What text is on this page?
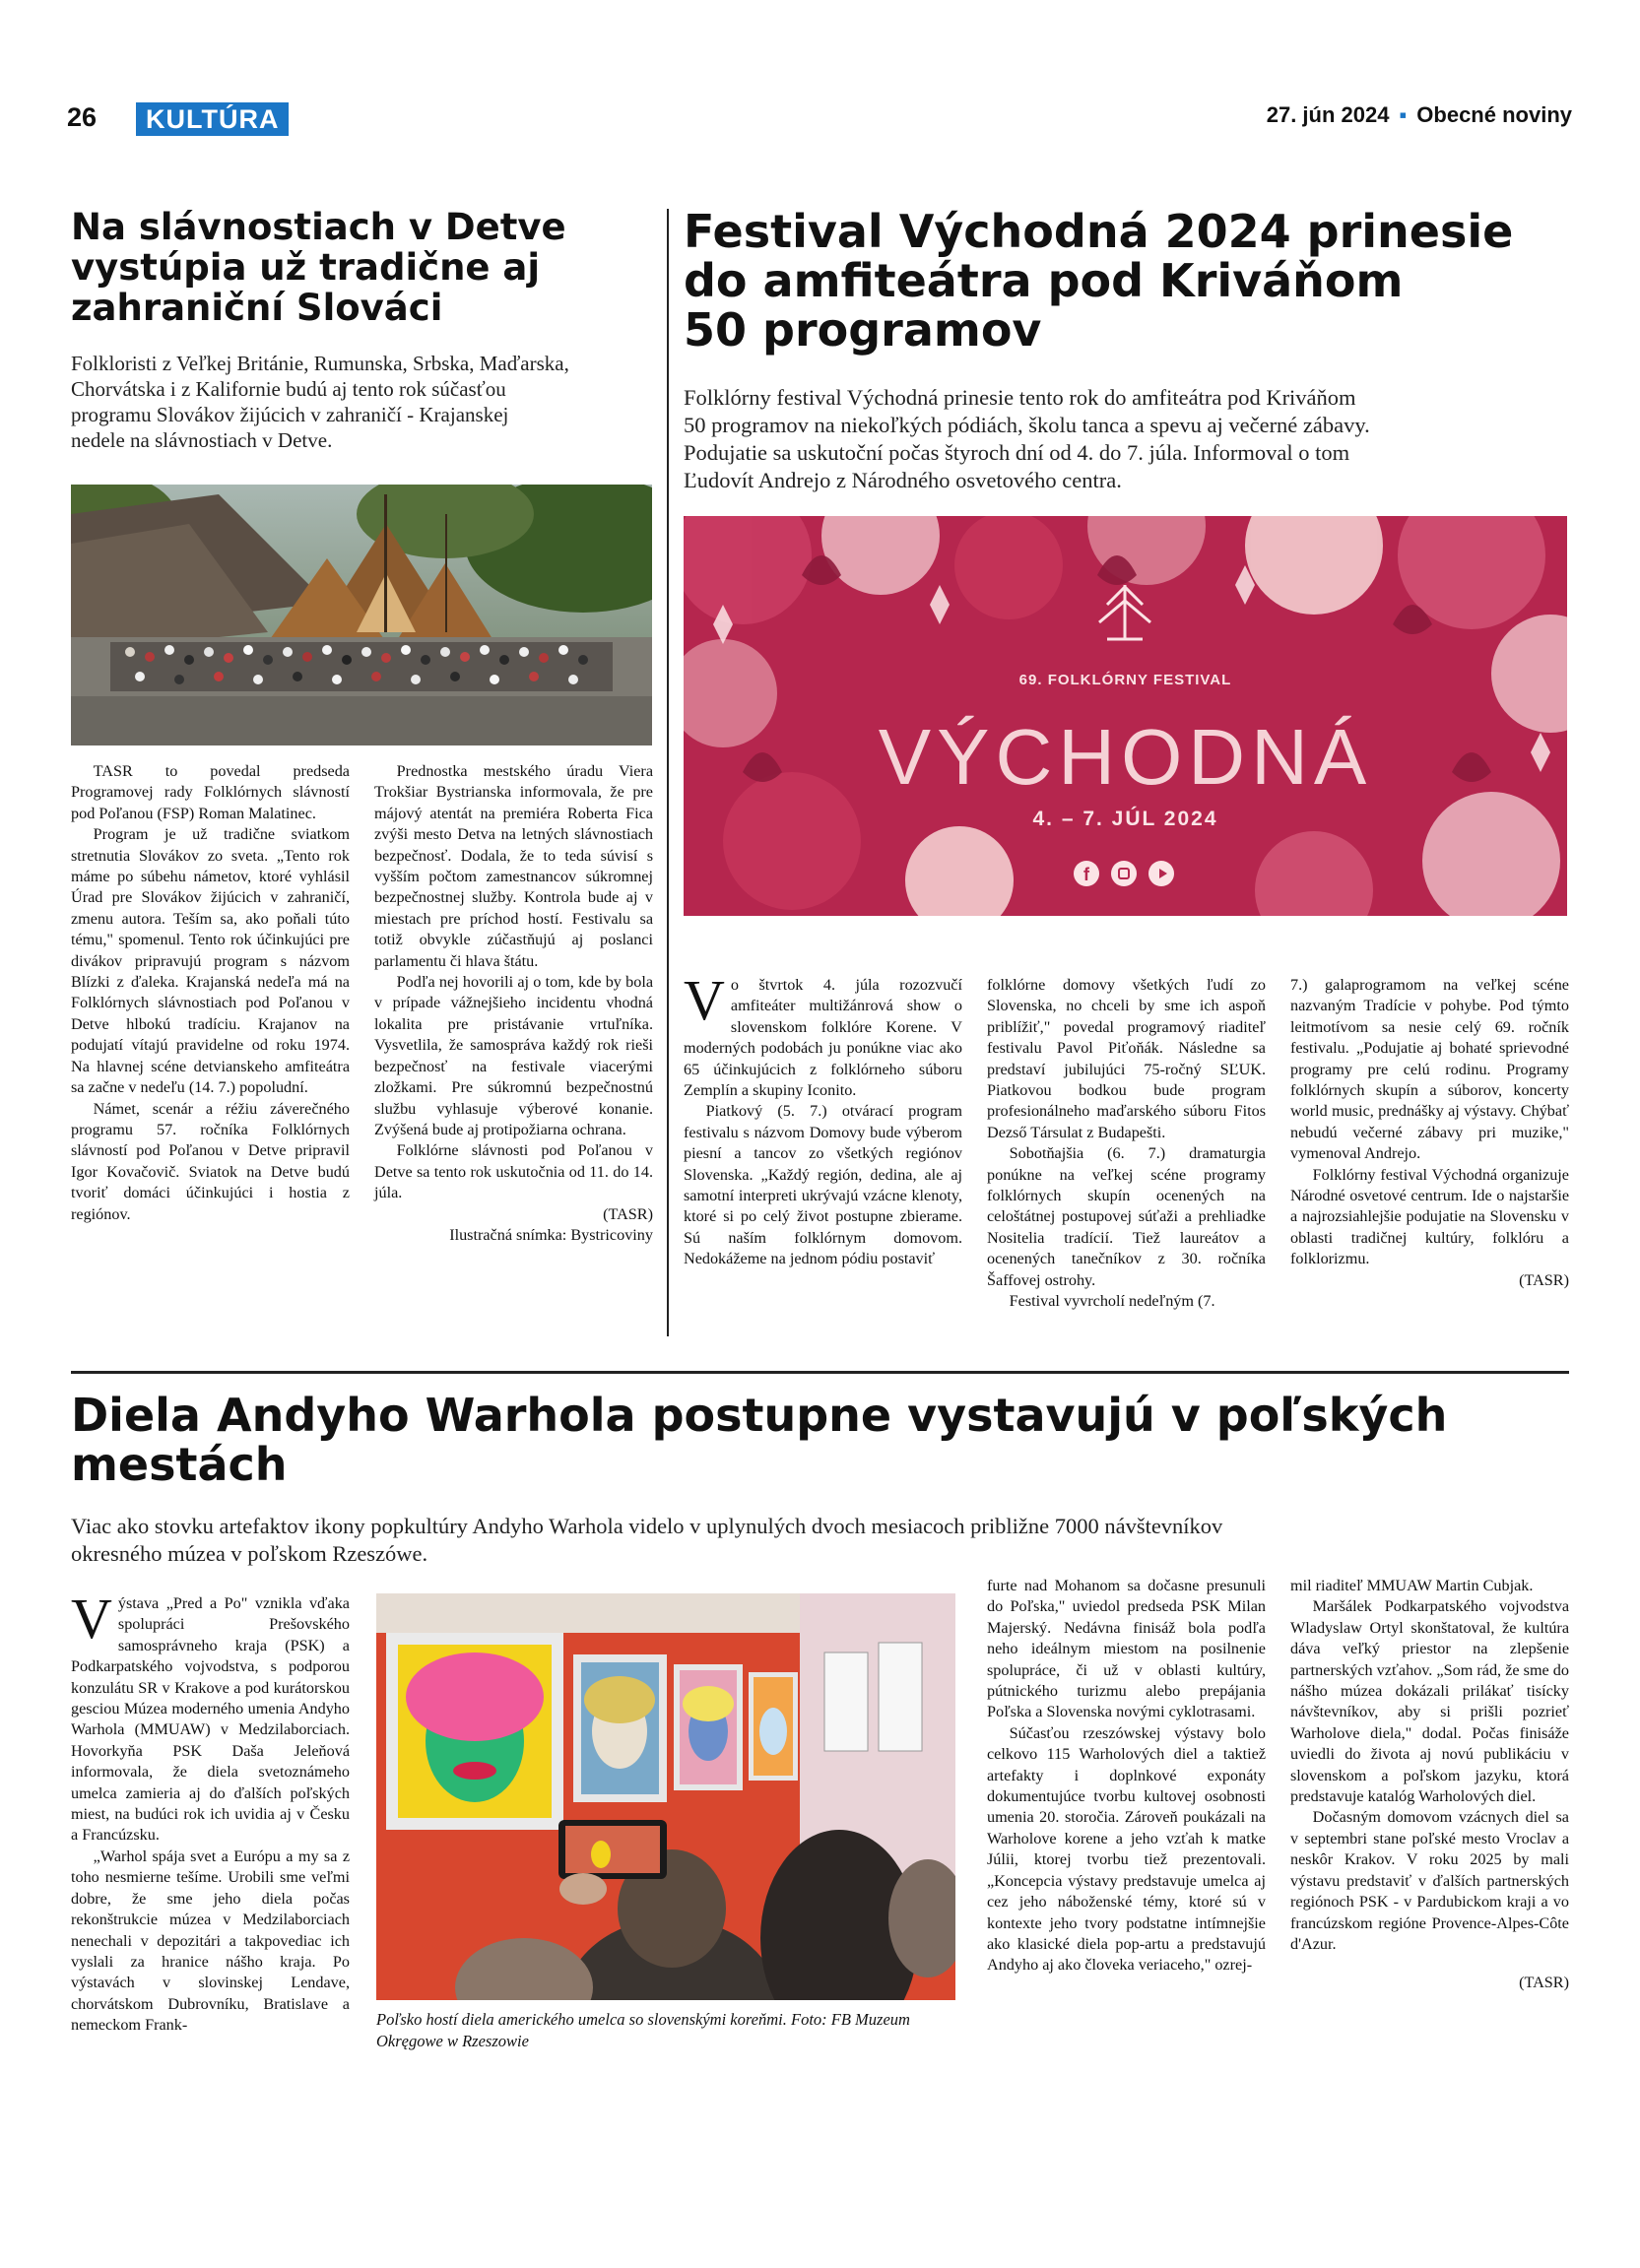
26	KULTÚRA	27. jún 2024 ▪ Obecné noviny
Na slávnostiach v Detve
vystúpia už tradične aj
zahraniční Slováci
Folkloristi z Veľkej Británie, Rumunska, Srbska, Maďarska,
Chorvátska i z Kalifornie budú aj tento rok súčasťou
programu Slovákov žijúcich v zahraničí - Krajanskej
nedele na slávnostiach v Detve.

TASR to povedal predseda Programovej rady Folklórnych slávností pod Poľanou (FSP) Roman Malatinec.

Program je už tradične sviatkom stretnutia Slovákov zo sveta. „Tento rok máme po súbehu námetov, ktoré vyhlásil Úrad pre Slovákov žijúcich v zahraničí, zmenu autora. Teším sa, ako poňali túto tému," spomenul. Tento rok účinkujúci pre divákov pripravujú program s názvom Blízki z ďaleka. Krajanská nedeľa má na Folklórnych slávnostiach pod Poľanou v Detve hlbokú tradíciu. Krajanov na podujatí vítajú pravidelne od roku 1974. Na hlavnej scéne detvianskeho amfiteátra sa začne v nedeľu (14. 7.) popoludní.

Námet, scenár a réžiu záverečného programu 57. ročníka Folklórnych slávností pod Poľanou v Detve pripravil Igor Kovačovič. Sviatok na Detve budú tvoriť domáci účinkujúci i hostia z regiónov.

Prednostka mestského úradu Viera Trokšiar Bystrianska informovala, že pre májový atentát na premiéra Roberta Fica zvýši mesto Detva na letných slávnostiach bezpečnosť. Dodala, že to teda súvisí s vyšším počtom zamestnancov súkromnej bezpečnostnej služby. Kontrola bude aj v miestach pre príchod hostí. Festivalu sa totiž obvykle zúčastňujú aj poslanci parlamentu či hlava štátu.

Podľa nej hovorili aj o tom, kde by bola v prípade vážnejšieho incidentu vhodná lokalita pre pristávanie vrtuľníka. Vysvetlila, že samospráva každý rok rieši bezpečnosť na festivale viacerými zložkami. Pre súkromnú bezpečnostnú službu vyhlasuje výberové konanie. Zvýšená bude aj protipožiarna ochrana.

Folklórne slávnosti pod Poľanou v Detve sa tento rok uskutočnia od 11. do 14. júla.

(TASR)
Ilustračná snímka: Bystricoviny
Festival Východná 2024 prinesie
do amfiteátra pod Kriváňom
50 programov
Folklórny festival Východná prinesie tento rok do amfiteátra pod Kriváňom
50 programov na niekoľkých pódiách, školu tanca a spevu aj večerné zábavy.
Podujatie sa uskutoční počas štyroch dní od 4. do 7. júla. Informoval o tom
Ľudovít Andrejo z Národného osvetového centra.
69. FOLKLÓRNY FESTIVAL
VÝCHODNÁ
4. – 7. JÚL 2024
f
V o štvrtok 4. júla rozozvučí amfiteáter multižánrová show o slovenskom folklóre Korene. V moderných podobách ju ponúkne viac ako 65 účinkujúcich z folklórneho súboru Zemplín a skupiny Iconito.

Piatkový (5. 7.) otvárací program festivalu s názvom Domovy bude výberom piesní a tancov zo všetkých regiónov Slovenska. „Každý región, dedina, ale aj samotní interpreti ukrývajú vzácne klenoty, ktoré si po celý život postupne zbierame. Sú naším folklórnym domovom. Nedokážeme na jednom pódiu postaviť

folklórne domovy všetkých ľudí zo Slovenska, no chceli by sme ich aspoň priblížiť," povedal programový riaditeľ festivalu Pavol Piťoňák. Následne sa predstaví jubilujúci 75-ročný SĽUK. Piatkovou bodkou bude program profesionálneho maďarského súboru Fitos Dezső Társulat z Budapešti.

Sobotňajšia (6. 7.) dramaturgia ponúkne na veľkej scéne programy folklórnych skupín ocenených na celoštátnej postupovej súťaži a prehliadke Nositelia tradícií. Tiež laureátov a ocenených tanečníkov z 30. ročníka Šaffovej ostrohy.

Festival vyvrcholí nedeľným (7.

7.) galaprogramom na veľkej scéne nazvaným Tradície v pohybe. Pod týmto leitmotívom sa nesie celý 69. ročník festivalu. „Podujatie aj bohaté sprievodné programy pre celú rodinu. Programy folklórnych skupín a súborov, koncerty world music, prednášky aj výstavy. Chýbať nebudú večerné zábavy pri muzike," vymenoval Andrejo.

Folklórny festival Východná organizuje Národné osvetové centrum. Ide o najstaršie a najrozsiahlejšie podujatie na Slovensku v oblasti tradičnej kultúry, folklóru a folklorizmu.

(TASR)
Diela Andyho Warhola postupne vystavujú v poľských
mestách
Viac ako stovku artefaktov ikony popkultúry Andyho Warhola videlo v uplynulých dvoch mesiacoch približne 7000 návštevníkov
okresného múzea v poľskom Rzeszówe.
V ýstava „Pred a Po" vznikla vďaka spolupráci Prešovského samosprávneho kraja (PSK) a Podkarpatského vojvodstva, s podporou konzulátu SR v Krakove a pod kurátorskou gesciou Múzea moderného umenia Andyho Warhola (MMUAW) v Medzilaborciach. Hovorkyňa PSK Daša Jeleňová informovala, že diela svetoznámeho umelca zamieria aj do ďalších poľských miest, na budúci rok ich uvidia aj v Česku a Francúzsku.

„Warhol spája svet a Európu a my sa z toho nesmierne tešíme. Urobili sme veľmi dobre, že sme jeho diela počas rekonštrukcie múzea v Medzilaborciach nenechali v depozitári a takpovediac ich vyslali za hranice nášho kraja. Po výstavách v slovinskej Lendave, chorvátskom Dubrovníku, Bratislave a nemeckom Frank-	Poľsko hostí diela amerického umelca so slovenskými koreňmi. Foto: FB Muzeum Okręgowe w Rzeszowie

furte nad Mohanom sa dočasne presunuli do Poľska," uviedol predseda PSK Milan Majerský. Nedávna finisáž bola podľa neho ideálnym miestom na posilnenie spolupráce, či už v oblasti kultúry, pútnického turizmu alebo prepájania Poľska a Slovenska novými cyklotrasami.

Súčasťou rzeszówskej výstavy bolo celkovo 115 Warholových diel a taktiež artefakty i doplnkové exponáty dokumentujúce tvorbu kultovej osobnosti umenia 20. storočia. Zároveň poukázali na Warholove korene a jeho vzťah k matke Júlii, ktorej tvorbu tiež prezentovali. „Koncepcia výstavy predstavuje umelca aj cez jeho náboženské témy, ktoré sú v kontexte jeho tvory podstatne intímnejšie ako klasické diela pop-artu a predstavujú Andyho aj ako človeka veriaceho," ozrej-

mil riaditeľ MMUAW Martin Cubjak.

Maršálek Podkarpatského vojvodstva Wladyslaw Ortyl skonštatoval, že kultúra dáva veľký priestor na zlepšenie partnerských vzťahov. „Som rád, že sme do nášho múzea dokázali prilákať tisícky návštevníkov, aby si prišli pozrieť Warholove diela," dodal. Počas finisáže uviedli do života aj novú publikáciu v slovenskom a poľskom jazyku, ktorá predstavuje katalóg Warholových diel.

Dočasným domovom vzácnych diel sa v septembri stane poľské mesto Vroclav a neskôr Krakov. V roku 2025 by mali výstavu predstaviť v ďalších partnerských regiónoch PSK - v Pardubickom kraji a vo francúzskom regióne Provence-Alpes-Côte d'Azur.

(TASR)
